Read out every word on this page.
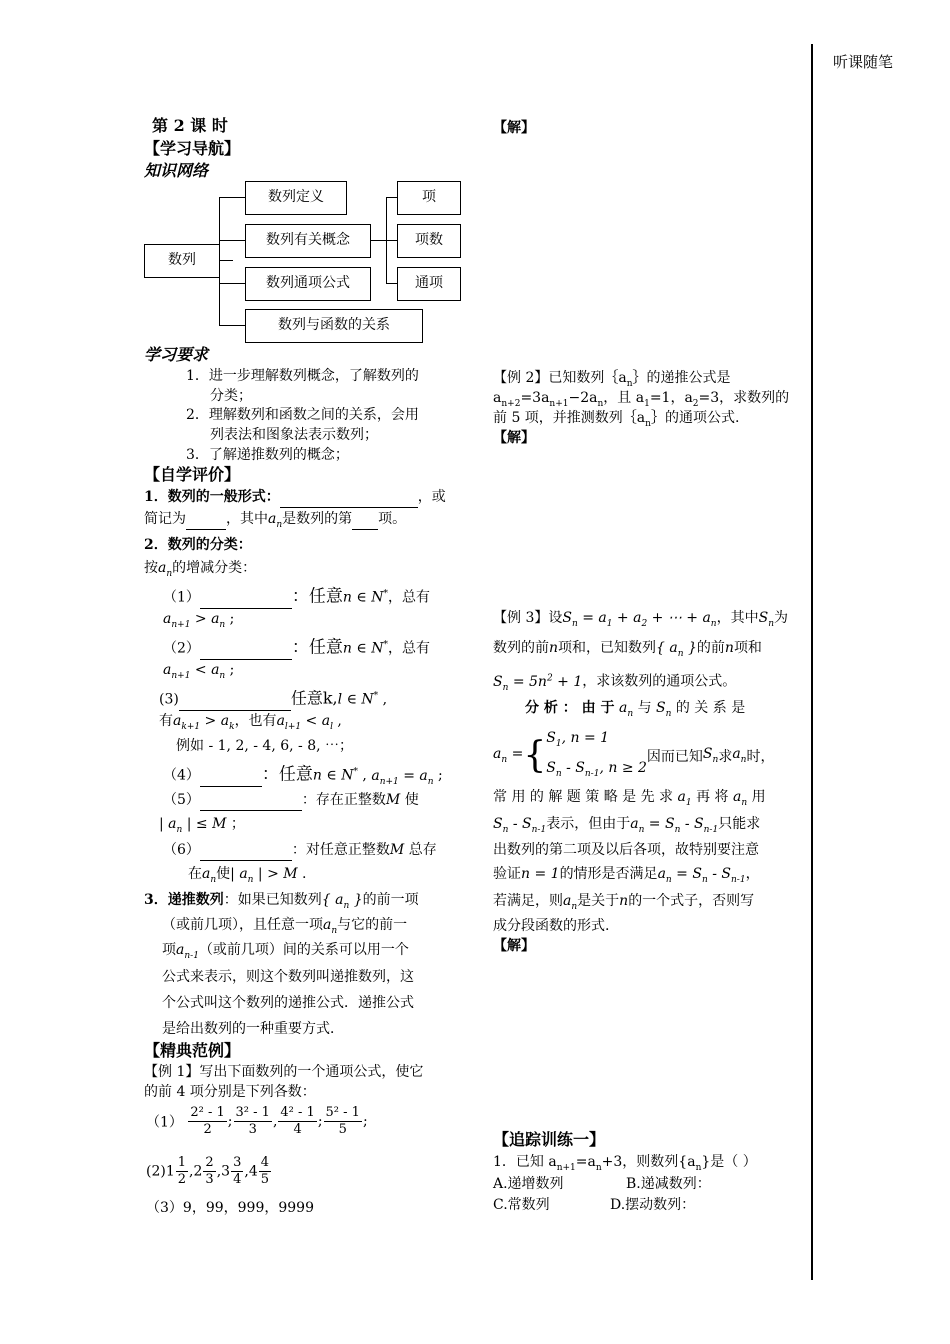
听课随笔
第 2 课 时
【学习导航】
知识网络
数列
数列定义
数列有关概念
数列通项公式
数列与函数的关系
项
项数
通项
学习要求
1．进一步理解数列概念，了解数列的
分类；
2．理解数列和函数之间的关系，会用
列表法和图象法表示数列；
3．了解递推数列的概念；
【自学评价】
1．数列的一般形式：	，或
简记为	，其中$a_n$是数列的第 项。
2．数列的分类：
按$a_n$的增减分类：
（1）	：任意n ∈ N*，总有
$a_{n+1} > a_n$ ;
（2）	：任意n ∈ N*，总有
$a_{n+1} < a_n$ ;
(3)	任意k,l ∈ N* ,
有$a_{k+1} > a_k$，也有$a_{l+1} < a_l$ ,
例如 - 1, 2, - 4, 6, - 8, ⋯；
（4）	：任意n ∈ N* , $a_{n+1} = a_n$ ;
（5）	：存在正整数M 使
| $a_n$ | ≤ M ；
（6）	：对任意正整数M 总存
在$a_n$使| $a_n$ | > M .
3．递推数列：如果已知数列{ $a_n$ }的前一项
（或前几项），且任意一项$a_n$与它的前一
项$a_{n-1}$（或前几项）间的关系可以用一个
公式来表示，则这个数列叫递推数列，这
个公式叫这个数列的递推公式．递推公式
是给出数列的一种重要方式．
【精典范例】
【例 1】写出下面数列的一个通项公式，使它
的前 4 项分别是下列各数：
$(1) \frac{\text{2² - 1}}{2}$ ; $\frac{\text{3² - 1}}{3}$ , $\frac{\text{4² - 1}}{4}$ ; $\frac{\text{5² - 1}}{5}$ ;
$(2)1 \frac{1}{2} ,2 \frac{2}{3} ,3 \frac{3}{4} ,4 \frac{4}{5}$
（3）9，99，999，9999
【解】
【例 2】已知数列$\{a_n\}$的递推公式是
$a_{n+2}=3a_{n+1}-2a_n$，且 $a_1=1$，$a_2=3$，求数列的
前 5 项，并推测数列$\{a_n\}$的通项公式.
【解】
【例 3】设$S_n = a_1 + a_2$ + ⋯ + $a_n$，其中$S_n$为
数列的前n项和，已知数列{ $a_n$ }的前n项和
$S_n = 5n^2 + 1$，求该数列的通项公式。
分 析 ： 由 于 $a_n$ 与 $S_n$ 的 关 系 是
$a_n$ ={ $S_1$, n = 1
$S_n - S_{n-1}$, n ≥ 2
因而已知$S_n$求$a_n$时，
常 用 的 解 题 策 略 是 先 求 $a_1$ 再 将 $a_n$ 用
$S_n - S_{n-1}$表示，但由于$a_n = S_n - S_{n-1}$只能求
出数列的第二项及以后各项，故特别要注意
验证n = 1的情形是否满足$a_n = S_n - S_{n-1}$，
若满足，则$a_n$是关于n的一个式子，否则写
成分段函数的形式.
【解】
【追踪训练一】
1．已知 $a_{n+1}=a_n+3$，则数列$\{a_n\}$是（ ）
A.递增数列	B.递减数列：
C.常数列	D.摆动数列：
